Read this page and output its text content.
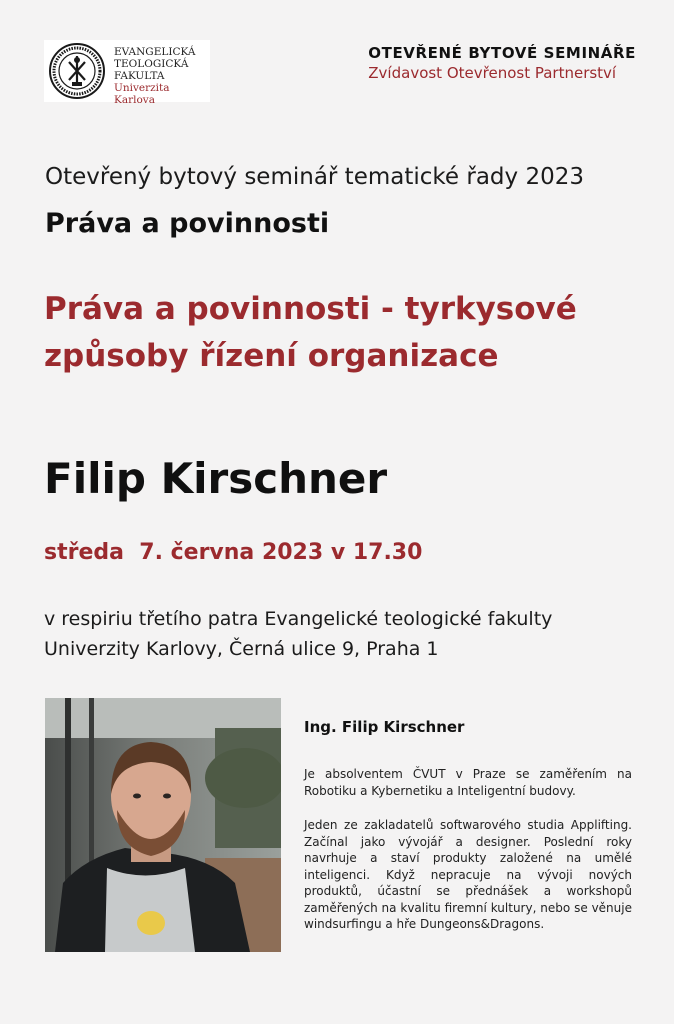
EVANGELICKÁ
TEOLOGICKÁ
FAKULTA
Univerzita Karlova
OTEVŘENÉ BYTOVÉ SEMINÁŘE
Zvídavost Otevřenost Partnerství
Otevřený bytový seminář tematické řady 2023
Práva a povinnosti
Práva a povinnosti - tyrkysové způsoby řízení organizace
Filip Kirschner
středa  7. června 2023 v 17.30
v respiriu třetího patra Evangelické teologické fakulty Univerzity Karlovy, Černá ulice 9, Praha 1
Ing. Filip Kirschner

Je absolventem ČVUT v Praze se zaměřením na Robotiku a Kybernetiku a Inteligentní budovy.

Jeden ze zakladatelů softwarového studia Applifting. Začínal jako vývojář a designer. Poslední roky navrhuje a staví produkty založené na umělé inteligenci. Když nepracuje na vývoji nových produktů, účastní se přednášek a workshopů zaměřených na kvalitu firemní kultury, nebo se věnuje windsurfingu a hře Dungeons&Dragons.
